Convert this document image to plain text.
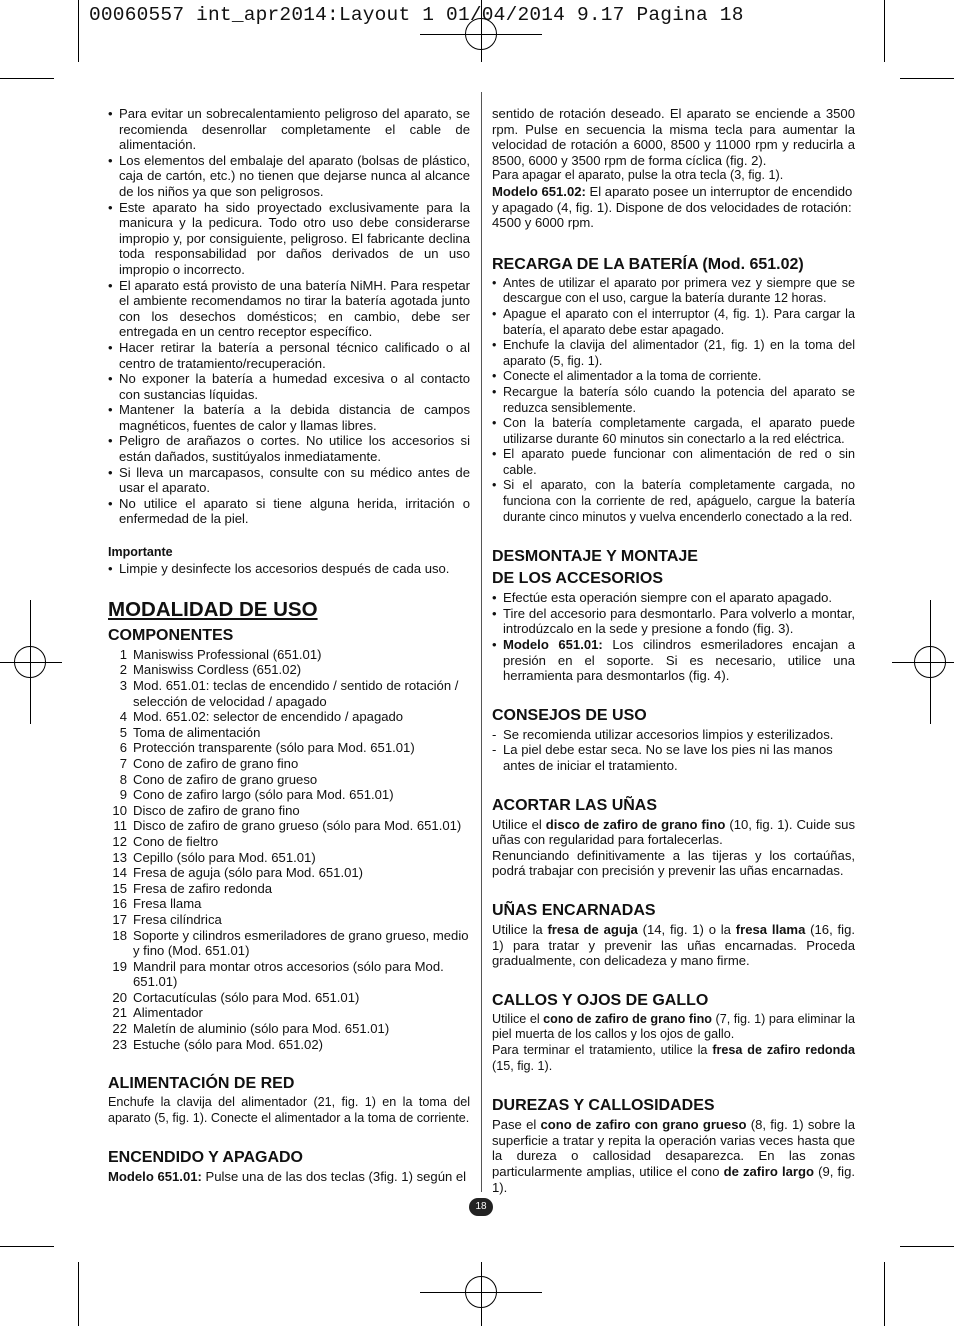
00060557 int_apr2014:Layout 1 01/04/2014 9.17 Pagina 18
• Para evitar un sobrecalentamiento peligroso del aparato, se recomienda desenrollar completamente el cable de alimentación.
• Los elementos del embalaje del aparato (bolsas de plástico, caja de cartón, etc.) no tienen que dejarse nunca al alcance de los niños ya que son peligrosos.
• Este aparato ha sido proyectado exclusivamente para la manicura y la pedicura. Todo otro uso debe considerarse impropio y, por consiguiente, peligroso. El fabricante declina toda responsabilidad por daños derivados de un uso impropio o incorrecto.
• El aparato está provisto de una batería NiMH. Para respetar el ambiente recomendamos no tirar la batería agotada junto con los desechos domésticos; en cambio, debe ser entregada en un centro receptor específico.
• Hacer retirar la batería a personal técnico calificado o al centro de tratamiento/recuperación.
• No exponer la batería a humedad excesiva o al contacto con sustancias líquidas.
• Mantener la batería a la debida distancia de campos magnéticos, fuentes de calor y llamas libres.
• Peligro de arañazos o cortes. No utilice los accesorios si están dañados, sustitúyalos inmediatamente.
• Si lleva un marcapasos, consulte con su médico antes de usar el aparato.
• No utilice el aparato si tiene alguna herida, irritación o enfermedad de la piel.
Importante
• Limpie y desinfecte los accesorios después de cada uso.
MODALIDAD DE USO
COMPONENTES
1 Maniswiss Professional (651.01)
2 Maniswiss Cordless (651.02)
3 Mod. 651.01: teclas de encendido / sentido de rotación / selección de velocidad / apagado
4 Mod. 651.02: selector de encendido / apagado
5 Toma de alimentación
6 Protección transparente (sólo para Mod. 651.01)
7 Cono de zafiro de grano fino
8 Cono de zafiro de grano grueso
9 Cono de zafiro largo (sólo para Mod. 651.01)
10 Disco de zafiro de grano fino
11 Disco de zafiro de grano grueso (sólo para Mod. 651.01)
12 Cono de fieltro
13 Cepillo (sólo para Mod. 651.01)
14 Fresa de aguja (sólo para Mod. 651.01)
15 Fresa de zafiro redonda
16 Fresa llama
17 Fresa cilíndrica
18 Soporte y cilindros esmeriladores de grano grueso, medio y fino (Mod. 651.01)
19 Mandril para montar otros accesorios (sólo para Mod. 651.01)
20 Cortacutículas (sólo para Mod. 651.01)
21 Alimentador
22 Maletín de aluminio (sólo para Mod. 651.01)
23 Estuche (sólo para Mod. 651.02)
ALIMENTACIÓN DE RED

Enchufe la clavija del alimentador (21, fig. 1) en la toma del aparato (5, fig. 1). Conecte el alimentador a la toma de corriente.

ENCENDIDO Y APAGADO

Modelo 651.01: Pulse una de las dos teclas (3fig. 1) según el

sentido de rotación deseado. El aparato se enciende a 3500 rpm. Pulse en secuencia la misma tecla para aumentar la velocidad de rotación a 6000, 8500 y 11000 rpm y reducirla a 8500, 6000 y 3500 rpm de forma cíclica (fig. 2).

Para apagar el aparato, pulse la otra tecla (3, fig. 1).

Modelo 651.02: El aparato posee un interruptor de encendido y apagado (4, fig. 1). Dispone de dos velocidades de rotación: 4500 y 6000 rpm.

RECARGA DE LA BATERÍA (Mod. 651.02)
• Antes de utilizar el aparato por primera vez y siempre que se descargue con el uso, cargue la batería durante 12 horas.
• Apague el aparato con el interruptor (4, fig. 1). Para cargar la batería, el aparato debe estar apagado.
• Enchufe la clavija del alimentador (21, fig. 1) en la toma del aparato (5, fig. 1).
• Conecte el alimentador a la toma de corriente.
• Recargue la batería sólo cuando la potencia del aparato se reduzca sensiblemente.
• Con la batería completamente cargada, el aparato puede utilizarse durante 60 minutos sin conectarlo a la red eléctrica.
• El aparato puede funcionar con alimentación de red o sin cable.
• Si el aparato, con la batería completamente cargada, no funciona con la corriente de red, apáguelo, cargue la batería durante cinco minutos y vuelva encenderlo conectado a la red.
DESMONTAJE Y MONTAJE
DE LOS ACCESORIOS
• Efectúe esta operación siempre con el aparato apagado.
• Tire del accesorio para desmontarlo. Para volverlo a montar, introdúzcalo en la sede y presione a fondo (fig. 3).
• Modelo 651.01: Los cilindros esmeriladores encajan a presión en el soporte. Si es necesario, utilice una herramienta para desmontarlos (fig. 4).
CONSEJOS DE USO
- Se recomienda utilizar accesorios limpios y esterilizados.
- La piel debe estar seca. No se lave los pies ni las manos antes de iniciar el tratamiento.
ACORTAR LAS UÑAS

Utilice el disco de zafiro de grano fino (10, fig. 1). Cuide sus uñas con regularidad para fortalecerlas.

Renunciando definitivamente a las tijeras y los cortaúñas, podrá trabajar con precisión y prevenir las uñas encarnadas.

UÑAS ENCARNADAS

Utilice la fresa de aguja (14, fig. 1) o la fresa llama (16, fig. 1) para tratar y prevenir las uñas encarnadas. Proceda gradualmente, con delicadeza y mano firme.

CALLOS Y OJOS DE GALLO

Utilice el cono de zafiro de grano fino (7, fig. 1) para eliminar la piel muerta de los callos y los ojos de gallo.

Para terminar el tratamiento, utilice la fresa de zafiro redonda (15, fig. 1).

DUREZAS Y CALLOSIDADES

Pase el cono de zafiro con grano grueso (8, fig. 1) sobre la superficie a tratar y repita la operación varias veces hasta que la dureza o callosidad desaparezca. En las zonas particularmente amplias, utilice el cono de zafiro largo (9, fig. 1).

18
